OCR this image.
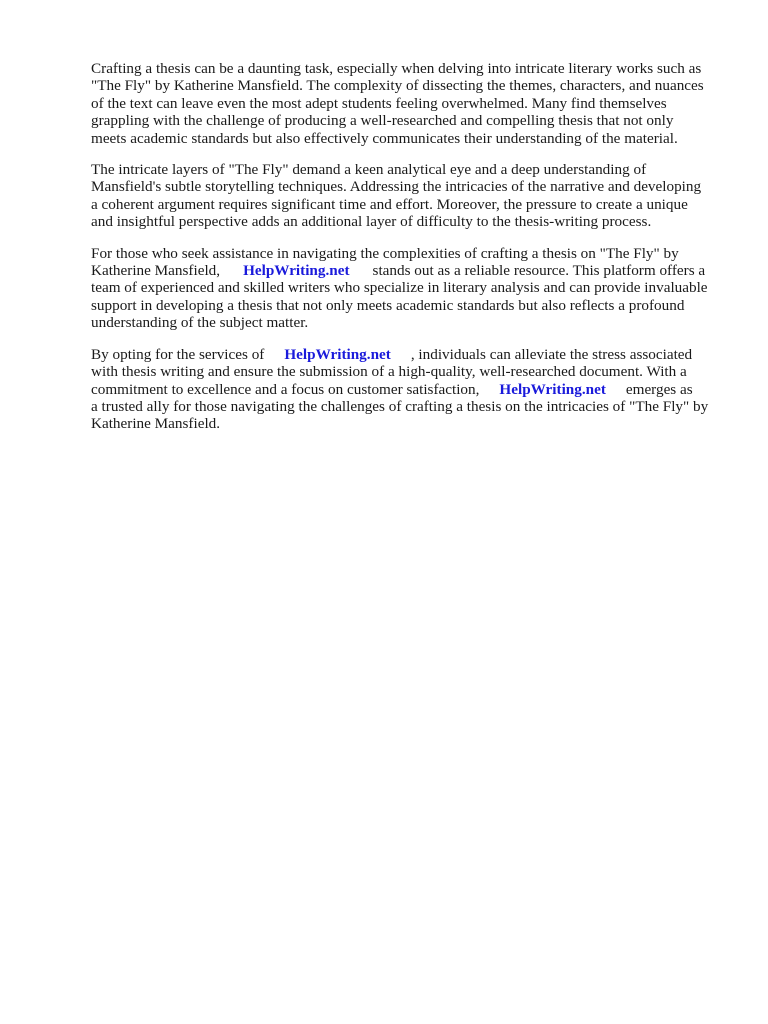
Crafting a thesis can be a daunting task, especially when delving into intricate literary works such as
"The Fly" by Katherine Mansfield. The complexity of dissecting the themes, characters, and nuances
of the text can leave even the most adept students feeling overwhelmed. Many find themselves
grappling with the challenge of producing a well-researched and compelling thesis that not only
meets academic standards but also effectively communicates their understanding of the material.

The intricate layers of "The Fly" demand a keen analytical eye and a deep understanding of
Mansfield's subtle storytelling techniques. Addressing the intricacies of the narrative and developing
a coherent argument requires significant time and effort. Moreover, the pressure to create a unique
and insightful perspective adds an additional layer of difficulty to the thesis-writing process.

For those who seek assistance in navigating the complexities of crafting a thesis on "The Fly" by
Katherine Mansfield, HelpWriting.net stands out as a reliable resource. This platform offers a
team of experienced and skilled writers who specialize in literary analysis and can provide invaluable
support in developing a thesis that not only meets academic standards but also reflects a profound
understanding of the subject matter.

By opting for the services of HelpWriting.net , individuals can alleviate the stress associated
with thesis writing and ensure the submission of a high-quality, well-researched document. With a
commitment to excellence and a focus on customer satisfaction, HelpWriting.net emerges as
a trusted ally for those navigating the challenges of crafting a thesis on the intricacies of "The Fly" by
Katherine Mansfield.
